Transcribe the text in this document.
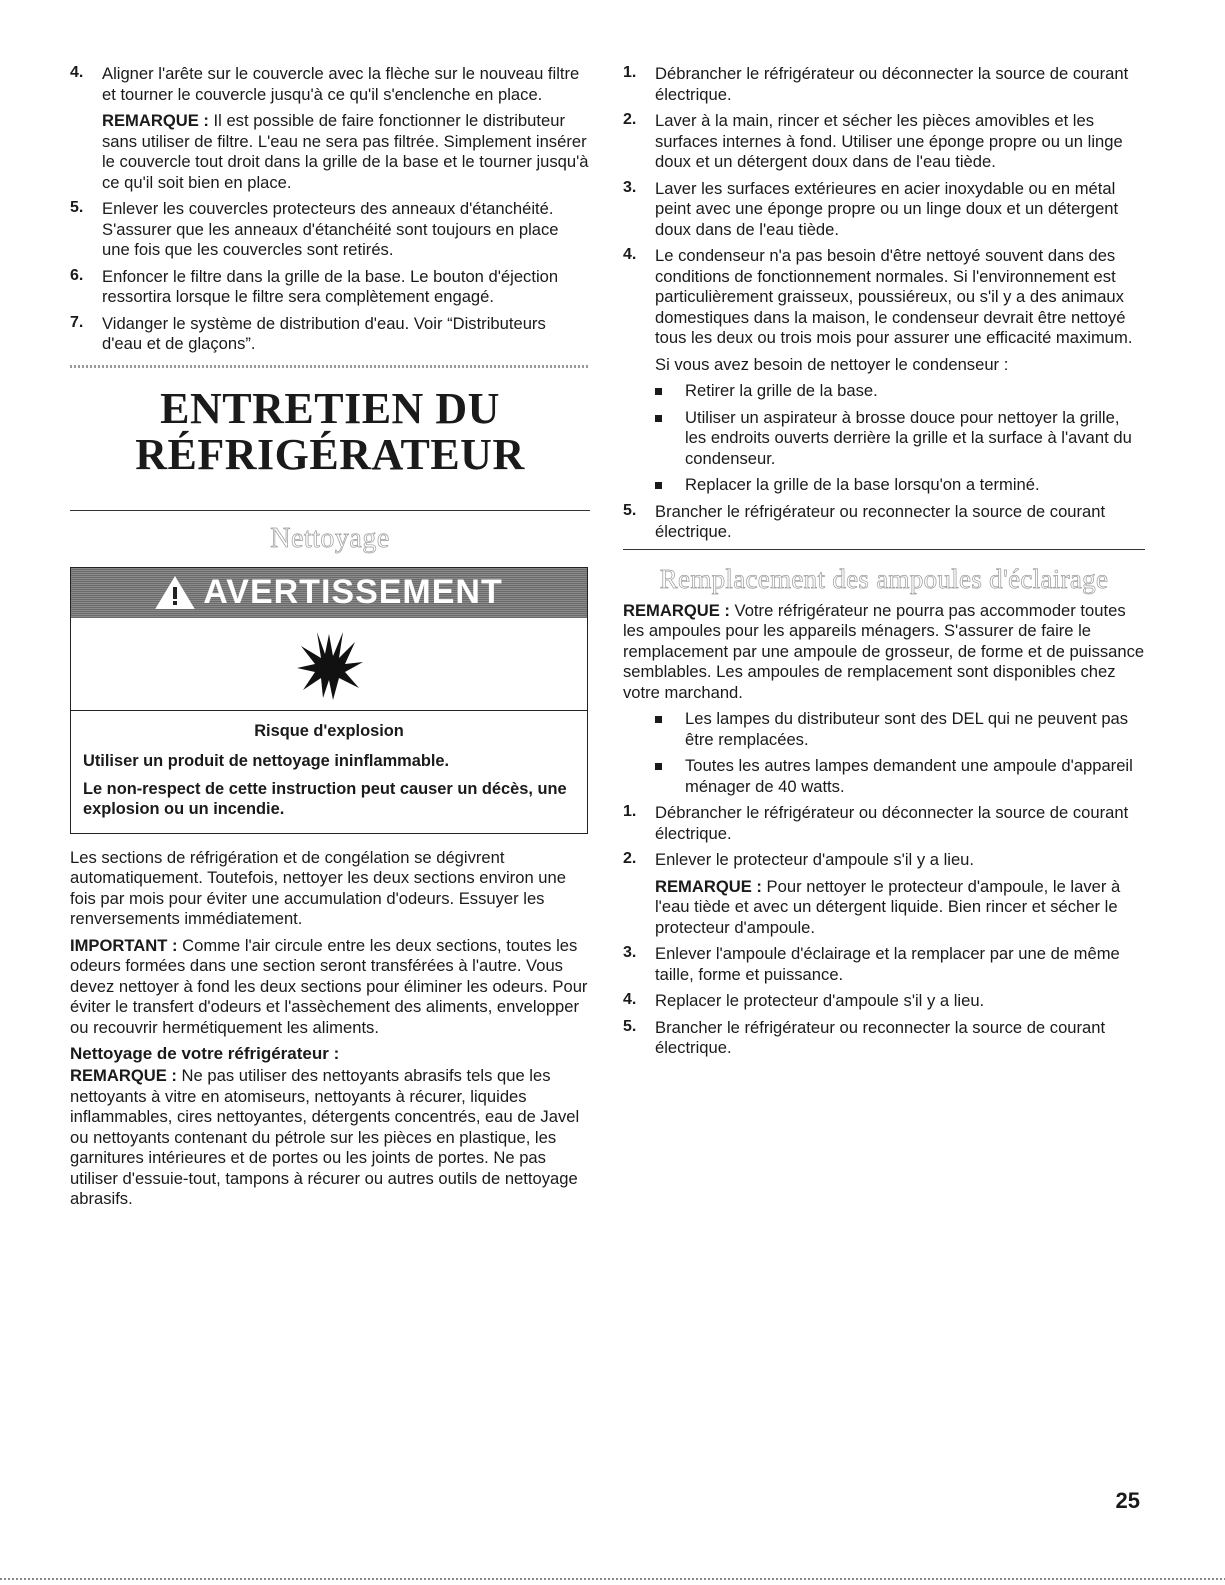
4. Aligner l'arête sur le couvercle avec la flèche sur le nouveau filtre et tourner le couvercle jusqu'à ce qu'il s'enclenche en place.

REMARQUE : Il est possible de faire fonctionner le distributeur sans utiliser de filtre. L'eau ne sera pas filtrée. Simplement insérer le couvercle tout droit dans la grille de la base et le tourner jusqu'à ce qu'il soit bien en place.

5. Enlever les couvercles protecteurs des anneaux d'étanchéité. S'assurer que les anneaux d'étanchéité sont toujours en place une fois que les couvercles sont retirés.

6. Enfoncer le filtre dans la grille de la base. Le bouton d'éjection ressortira lorsque le filtre sera complètement engagé.

7. Vidanger le système de distribution d'eau. Voir “Distributeurs d'eau et de glaçons”.

ENTRETIEN DU
RÉFRIGÉRATEUR
Nettoyage
AVERTISSEMENT

Risque d'explosion

Utiliser un produit de nettoyage ininflammable.

Le non-respect de cette instruction peut causer un décès, une explosion ou un incendie.

Les sections de réfrigération et de congélation se dégivrent automatiquement. Toutefois, nettoyer les deux sections environ une fois par mois pour éviter une accumulation d'odeurs. Essuyer les renversements immédiatement.

IMPORTANT : Comme l'air circule entre les deux sections, toutes les odeurs formées dans une section seront transférées à l'autre. Vous devez nettoyer à fond les deux sections pour éliminer les odeurs. Pour éviter le transfert d'odeurs et l'assèchement des aliments, envelopper ou recouvrir hermétiquement les aliments.

Nettoyage de votre réfrigérateur :

REMARQUE : Ne pas utiliser des nettoyants abrasifs tels que les nettoyants à vitre en atomiseurs, nettoyants à récurer, liquides inflammables, cires nettoyantes, détergents concentrés, eau de Javel ou nettoyants contenant du pétrole sur les pièces en plastique, les garnitures intérieures et de portes ou les joints de portes. Ne pas utiliser d'essuie-tout, tampons à récurer ou autres outils de nettoyage abrasifs.

1. Débrancher le réfrigérateur ou déconnecter la source de courant électrique.

2. Laver à la main, rincer et sécher les pièces amovibles et les surfaces internes à fond. Utiliser une éponge propre ou un linge doux et un détergent doux dans de l'eau tiède.

3. Laver les surfaces extérieures en acier inoxydable ou en métal peint avec une éponge propre ou un linge doux et un détergent doux dans de l'eau tiède.

4. Le condenseur n'a pas besoin d'être nettoyé souvent dans des conditions de fonctionnement normales. Si l'environnement est particulièrement graisseux, poussiéreux, ou s'il y a des animaux domestiques dans la maison, le condenseur devrait être nettoyé tous les deux ou trois mois pour assurer une efficacité maximum.

Si vous avez besoin de nettoyer le condenseur :

Retirer la grille de la base.

Utiliser un aspirateur à brosse douce pour nettoyer la grille, les endroits ouverts derrière la grille et la surface à l'avant du condenseur.

Replacer la grille de la base lorsqu'on a terminé.

5. Brancher le réfrigérateur ou reconnecter la source de courant électrique.

Remplacement des ampoules d'éclairage

REMARQUE : Votre réfrigérateur ne pourra pas accommoder toutes les ampoules pour les appareils ménagers. S'assurer de faire le remplacement par une ampoule de grosseur, de forme et de puissance semblables. Les ampoules de remplacement sont disponibles chez votre marchand.

Les lampes du distributeur sont des DEL qui ne peuvent pas être remplacées.

Toutes les autres lampes demandent une ampoule d'appareil ménager de 40 watts.

1. Débrancher le réfrigérateur ou déconnecter la source de courant électrique.

2. Enlever le protecteur d'ampoule s'il y a lieu.

REMARQUE : Pour nettoyer le protecteur d'ampoule, le laver à l'eau tiède et avec un détergent liquide. Bien rincer et sécher le protecteur d'ampoule.

3. Enlever l'ampoule d'éclairage et la remplacer par une de même taille, forme et puissance.

4. Replacer le protecteur d'ampoule s'il y a lieu.

5. Brancher le réfrigérateur ou reconnecter la source de courant électrique.

25
